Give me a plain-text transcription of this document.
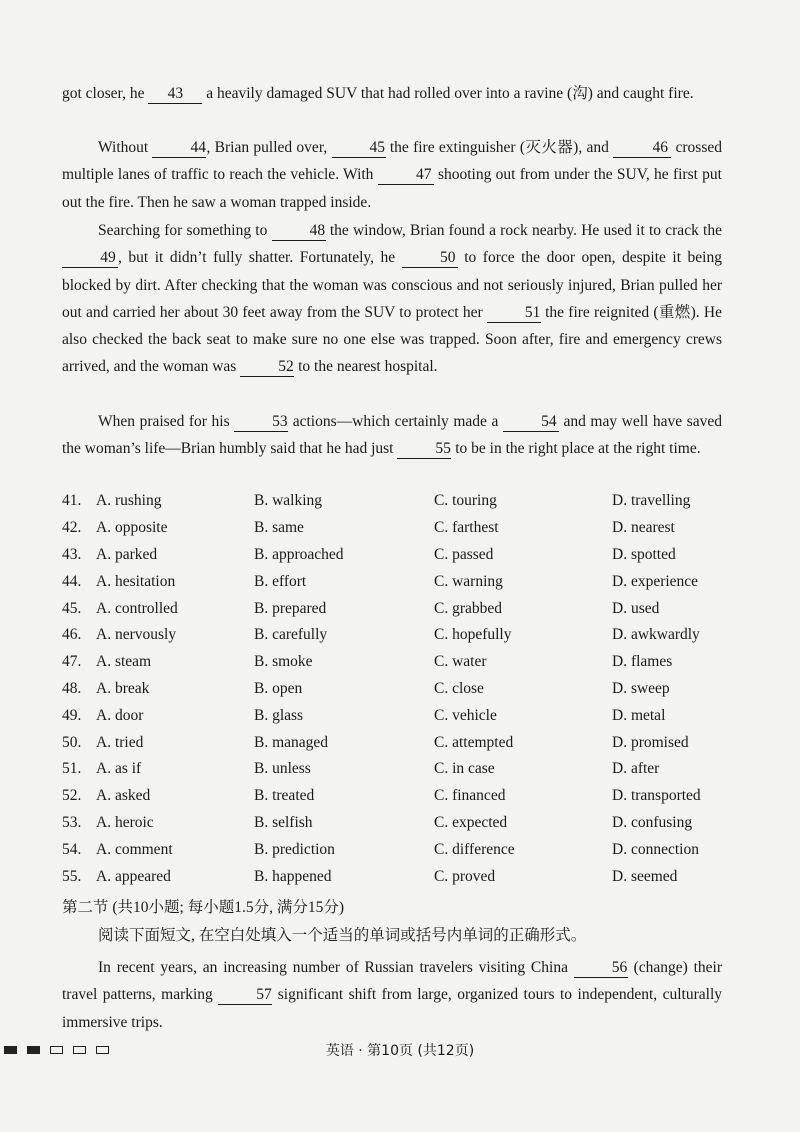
got closer, he 43 a heavily damaged SUV that had rolled over into a ravine (沟) and caught fire.

Without 44, Brian pulled over, 45 the fire extinguisher (灭火器), and	46 crossed multiple lanes of traffic to reach the vehicle. With 47 shooting out from under the SUV, he first put out the fire. Then he saw a woman trapped inside.

Searching for something to 48 the window, Brian found a rock nearby. He used it to crack the 49 , but it didn’t fully shatter. Fortunately, he 50 to force the door open, despite it being blocked by dirt. After checking that the woman was conscious and not seriously injured, Brian pulled her out and carried her about 30 feet away from the SUV to protect her 51 the fire reignited (重燃). He also checked the back seat to make sure no one else was trapped. Soon after, fire and emergency crews arrived, and the woman was 52 to the nearest hospital.

When praised for his 53 actions—which certainly made a 54 and may well have saved the woman’s life—Brian humbly said that he had just 55 to be in the right place at the right time.

41. A. rushing	B. walking	C. touring	D. travelling
42. A. opposite	B. same	C. farthest	D. nearest
43. A. parked	B. approached	C. passed	D. spotted
44. A. hesitation	B. effort	C. warning	D. experience
45. A. controlled	B. prepared	C. grabbed	D. used
46. A. nervously	B. carefully	C. hopefully	D. awkwardly
47. A. steam	B. smoke	C. water	D. flames
48. A. break	B. open	C. close	D. sweep
49. A. door	B. glass	C. vehicle	D. metal
50. A. tried	B. managed	C. attempted	D. promised
51. A. as if	B. unless	C. in case	D. after
52. A. asked	B. treated	C. financed	D. transported
53. A. heroic	B. selfish	C. expected	D. confusing
54. A. comment	B. prediction	C. difference	D. connection
55. A. appeared	B. happened	C. proved	D. seemed
第二节 (共10小题; 每小题1.5分, 满分15分)
阅读下面短文, 在空白处填入一个适当的单词或括号内单词的正确形式。

In recent years, an increasing number of Russian travelers visiting China 56 (change) their travel patterns, marking 57 significant shift from large, organized tours to independent, culturally immersive trips.

英语 · 第10页 (共12页)
